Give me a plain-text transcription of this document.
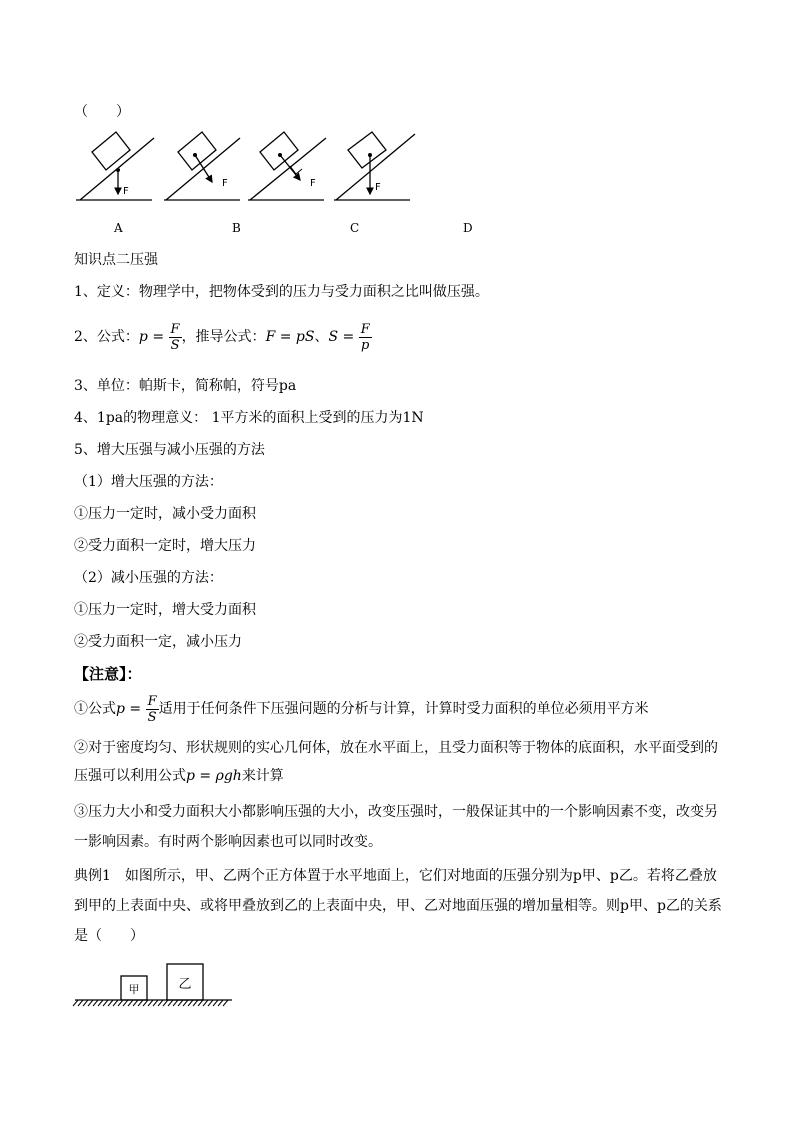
（　　）
F
F	F	F
A	B	C	D
知识点二压强
1、定义：物理学中，把物体受到的压力与受力面积之比叫做压强。
2、公式： $p = \frac{F}{S}$ ，推导公式： F = pS 、 $S = \frac{F}{p}$
3、单位：帕斯卡，简称帕，符号pa
4、1pa的物理意义： 1平方米的面积上受到的压力为1N
5、增大压强与减小压强的方法
（1）增大压强的方法：
①压力一定时，减小受力面积
②受力面积一定时，增大压力
（2）减小压强的方法：
①压力一定时，增大受力面积
②受力面积一定，减小压力
【注意】：
①公式 $p = \frac{F}{S}$ 适用于任何条件下压强问题的分析与计算，计算时受力面积的单位必须用平方米
②对于密度均匀、形状规则的实心几何体，放在水平面上，且受力面积等于物体的底面积，水平面受到的
压强可以利用公式p = ρgh来计算
③压力大小和受力面积大小都影响压强的大小，改变压强时，一般保证其中的一个影响因素不变，改变另
一影响因素。有时两个影响因素也可以同时改变。
典例1　如图所示，甲、乙两个正方体置于水平地面上，它们对地面的压强分别为p甲、p乙。若将乙叠放
到甲的上表面中央、或将甲叠放到乙的上表面中央，甲、乙对地面压强的增加量相等。则p甲、p乙的关系
是（　　）
甲	乙
